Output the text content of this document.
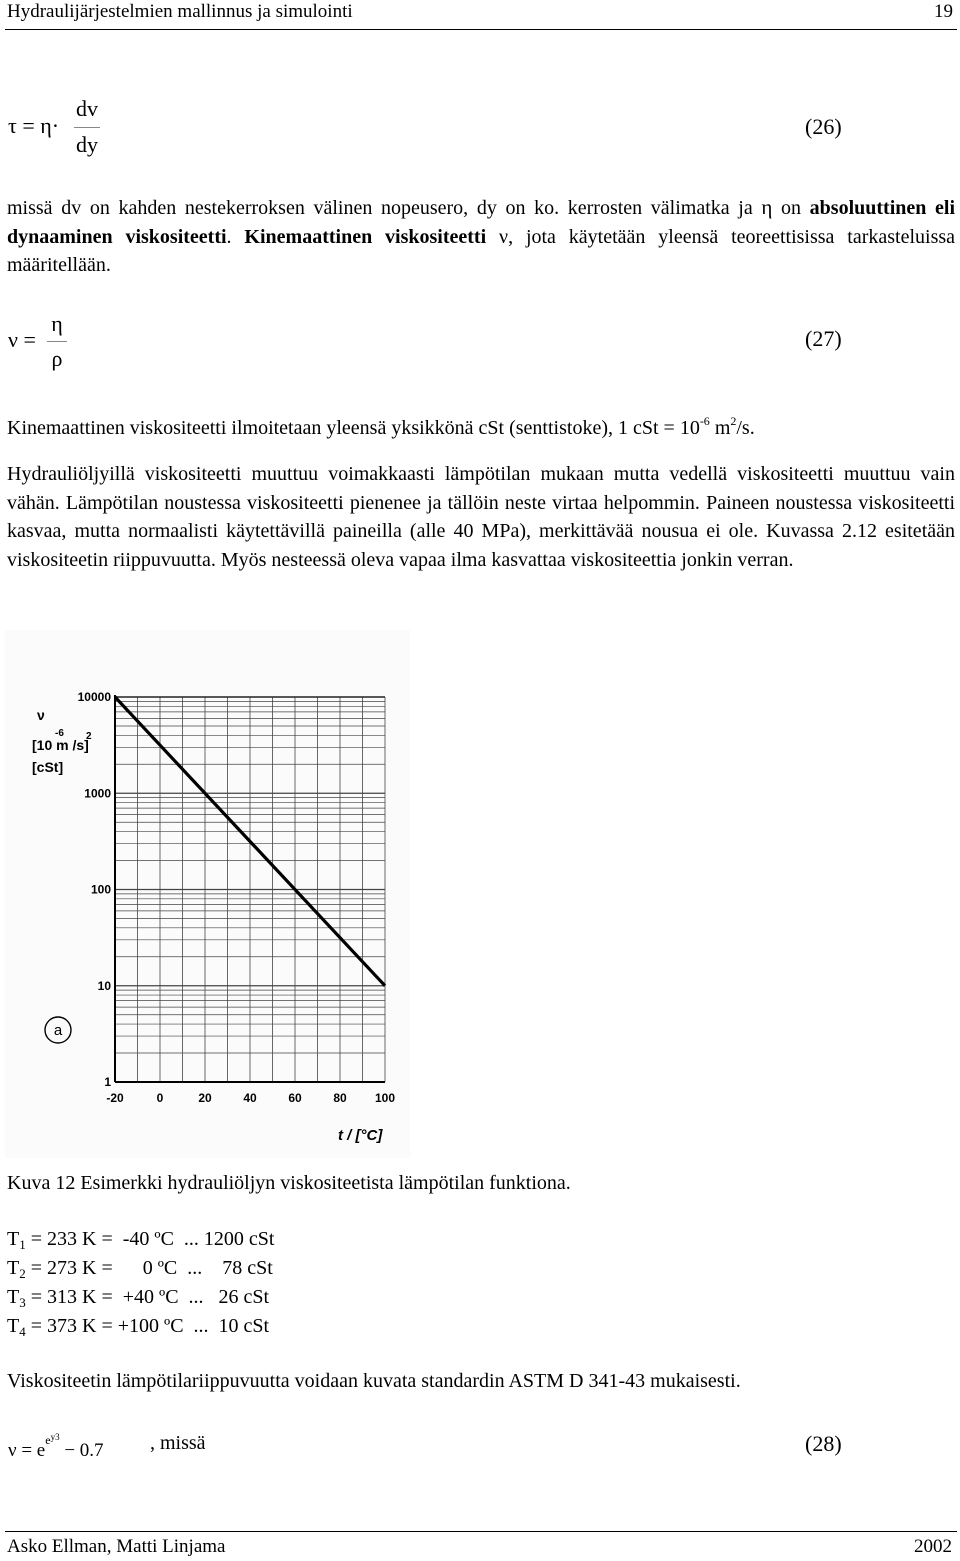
Hydraulijärjestelmien mallinnus ja simulointi	19
τ = η·
dv
dy
(26)
missä dv on kahden nestekerroksen välinen nopeusero, dy on ko. kerrosten välimatka ja η on absoluuttinen eli dynaaminen viskositeetti. Kinemaattinen viskositeetti ν, jota käytetään yleensä teoreettisissa tarkasteluissa määritellään.
ν =
η
ρ
(27)
Kinemaattinen viskositeetti ilmoitetaan yleensä yksikkönä cSt (senttistoke), 1 cSt = $10^{-6}$ $m^2/s$.
Hydrauliöljyillä viskositeetti muuttuu voimakkaasti lämpötilan mukaan mutta vedellä viskositeetti muuttuu vain vähän. Lämpötilan noustessa viskositeetti pienenee ja tällöin neste virtaa helpommin. Paineen noustessa viskositeetti kasvaa, mutta normaalisti käytettävillä paineilla (alle 40 MPa), merkittävää nousua ei ole. Kuvassa 2.12 esitetään viskositeetin riippuvuutta. Myös nesteessä oleva vapaa ilma kasvattaa viskositeettia jonkin verran.
1
10
100
1000
10000
-20	0	20	40	60	80 100
ν
[10 m /s]
-6 2
[cSt]
t / [°C]
a
Kuva 12 Esimerkki hydrauliöljyn viskositeetista lämpötilan funktiona.
$T_1 = 233$ K =  -40 ºC  ... 1200 cSt
$T_2 = 273$ K =      0 ºC  ...    78 cSt
$T_3 = 313$ K =  +40 ºC  ...   26 cSt
$T_4 = 373$ K = +100 ºC  ...  10 cSt
Viskositeetin lämpötilariippuvuutta voidaan kuvata standardin ASTM D 341-43 mukaisesti.
$\nu = e^{ey3} - 0.7$ , missä	(28)
Asko Ellman, Matti Linjama	2002
